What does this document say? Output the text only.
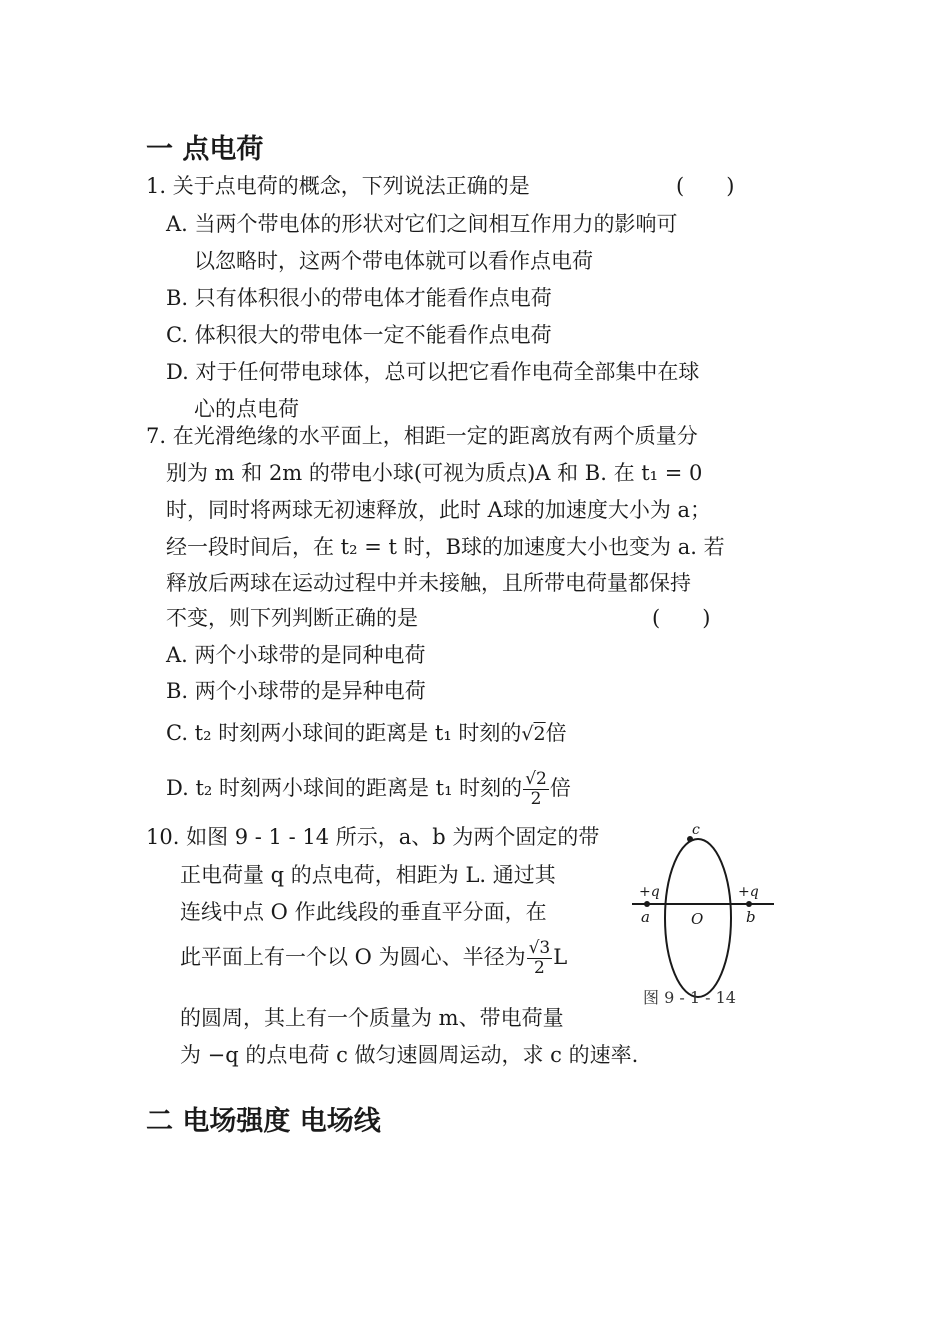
一 点电荷
1. 关于点电荷的概念，下列说法正确的是	(　　)
A. 当两个带电体的形状对它们之间相互作用力的影响可
以忽略时，这两个带电体就可以看作点电荷
B. 只有体积很小的带电体才能看作点电荷
C. 体积很大的带电体一定不能看作点电荷
D. 对于任何带电球体，总可以把它看作电荷全部集中在球
心的点电荷
7. 在光滑绝缘的水平面上，相距一定的距离放有两个质量分
别为 m 和 2m 的带电小球(可视为质点)A 和 B. 在 t₁ = 0
时，同时将两球无初速释放，此时 A球的加速度大小为 a；
经一段时间后，在 t₂ = t 时，B球的加速度大小也变为 a. 若
释放后两球在运动过程中并未接触，且所带电荷量都保持
不变，则下列判断正确的是	(　　)
A. 两个小球带的是同种电荷
B. 两个小球带的是异种电荷
C. t₂ 时刻两小球间的距离是 t₁ 时刻的√2倍
D. t₂ 时刻两小球间的距离是 t₁ 时刻的 $\frac{√2}{2}$ 倍
10. 如图 9 - 1 - 14 所示，a、b 为两个固定的带
正电荷量 q 的点电荷，相距为 L. 通过其
连线中点 O 作此线段的垂直平分面，在
此平面上有一个以 O 为圆心、半径为 $\frac{√3}{2}$ L
的圆周，其上有一个质量为 m、带电荷量
为 −q 的点电荷 c 做匀速圆周运动，求 c 的速率.
c
+q	+q
a	O	b
图 9 - 1 - 14
二 电场强度 电场线
